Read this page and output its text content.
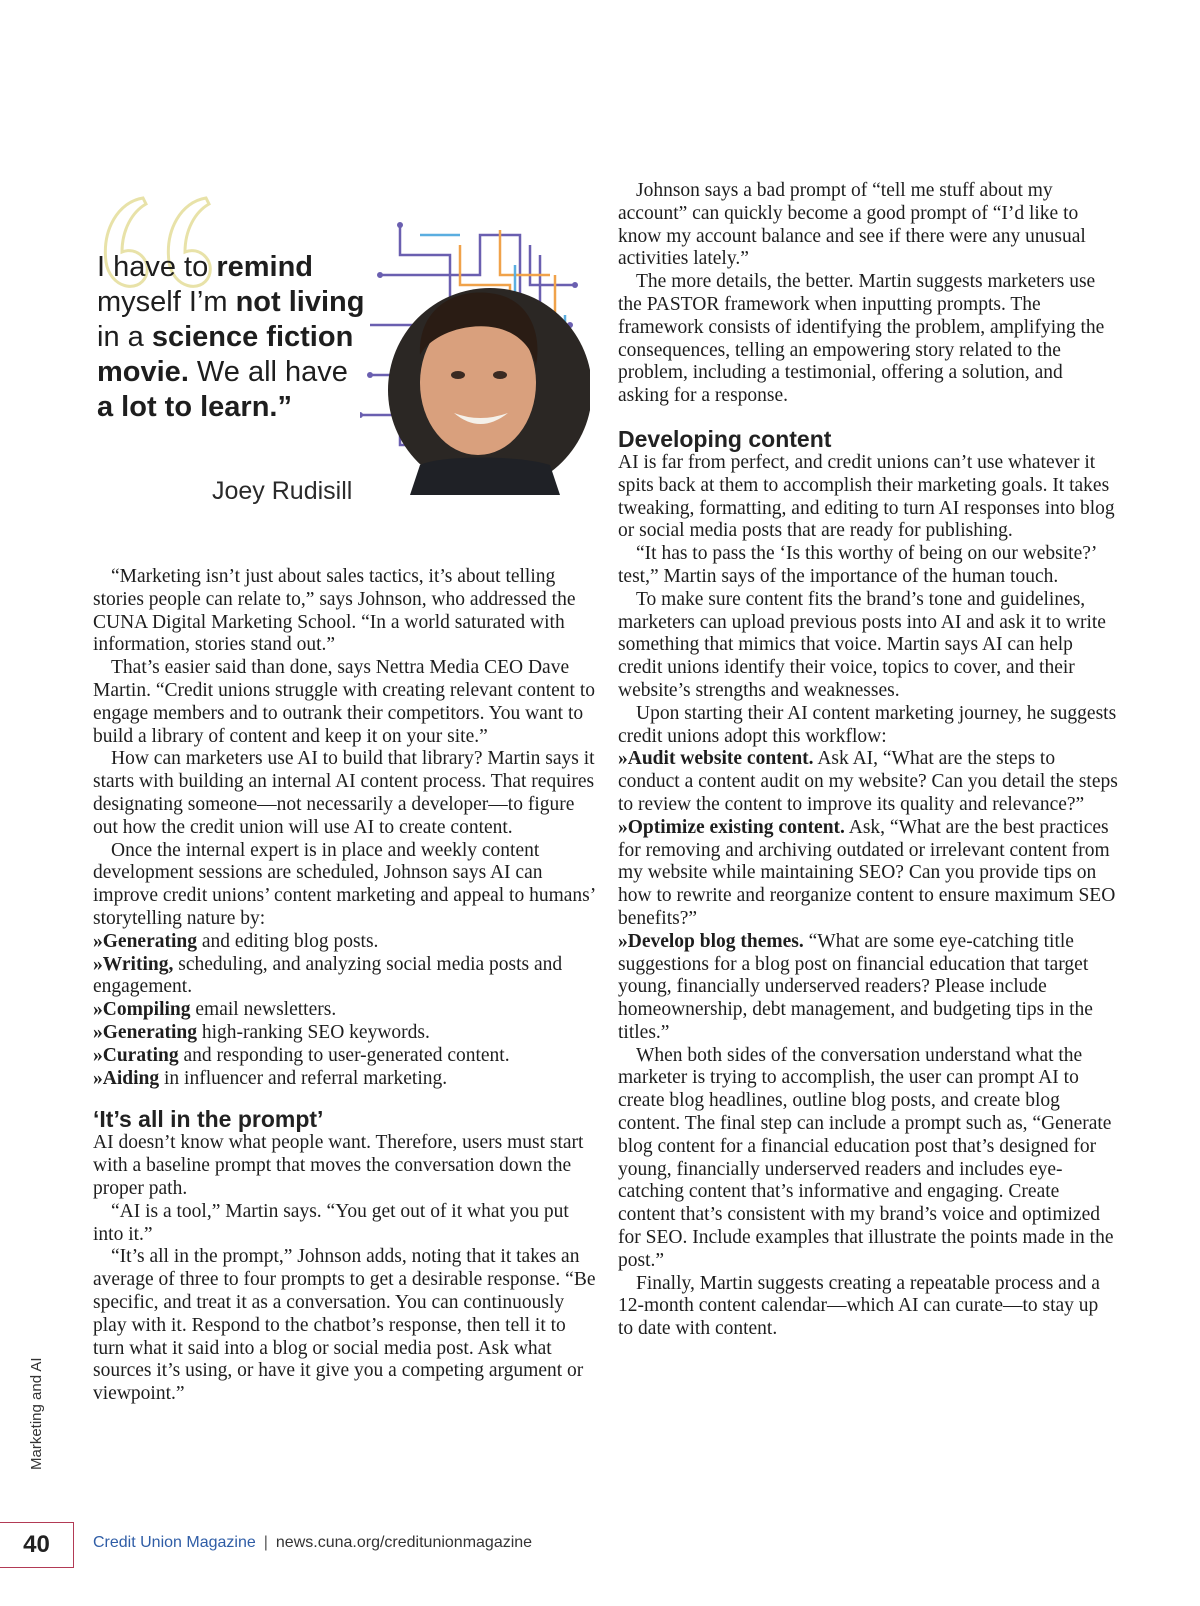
I have to remind
myself I’m not living
in a science fiction
movie. We all have
a lot to learn.”
Joey Rudisill

“Marketing isn’t just about sales tactics, it’s about telling stories people can relate to,” says Johnson, who addressed the CUNA Digital Marketing School. “In a world saturated with information, stories stand out.”

That’s easier said than done, says Nettra Media CEO Dave Martin. “Credit unions struggle with creating relevant content to engage members and to outrank their competitors. You want to build a library of content and keep it on your site.”

How can marketers use AI to build that library? Martin says it starts with building an internal AI content process. That requires designating someone—not necessarily a developer—to figure out how the credit union will use AI to create content.

Once the internal expert is in place and weekly content development sessions are scheduled, Johnson says AI can improve credit unions’ content marketing and appeal to humans’ storytelling nature by:

»Generating and editing blog posts.

»Writing, scheduling, and analyzing social media posts and engagement.

»Compiling email newsletters.

»Generating high-ranking SEO keywords.

»Curating and responding to user-generated content.

»Aiding in influencer and referral marketing.

‘It’s all in the prompt’

AI doesn’t know what people want. Therefore, users must start with a baseline prompt that moves the conversation down the proper path.

“AI is a tool,” Martin says. “You get out of it what you put into it.”

“It’s all in the prompt,” Johnson adds, noting that it takes an average of three to four prompts to get a desirable response. “Be specific, and treat it as a conversation. You can continuously play with it. Respond to the chatbot’s response, then tell it to turn what it said into a blog or social media post. Ask what sources it’s using, or have it give you a competing argument or viewpoint.”

Johnson says a bad prompt of “tell me stuff about my account” can quickly become a good prompt of “I’d like to know my account balance and see if there were any unusual activities lately.”

The more details, the better. Martin suggests marketers use the PASTOR framework when inputting prompts. The framework consists of identifying the problem, amplifying the consequences, telling an empowering story related to the problem, including a testimonial, offering a solution, and asking for a response.

Developing content

AI is far from perfect, and credit unions can’t use whatever it spits back at them to accomplish their marketing goals. It takes tweaking, formatting, and editing to turn AI responses into blog or social media posts that are ready for publishing.

“It has to pass the ‘Is this worthy of being on our website?’ test,” Martin says of the importance of the human touch.

To make sure content fits the brand’s tone and guidelines, marketers can upload previous posts into AI and ask it to write something that mimics that voice. Martin says AI can help credit unions identify their voice, topics to cover, and their website’s strengths and weaknesses.

Upon starting their AI content marketing journey, he suggests credit unions adopt this workflow:

»Audit website content. Ask AI, “What are the steps to conduct a content audit on my website? Can you detail the steps to review the content to improve its quality and relevance?”

»Optimize existing content. Ask, “What are the best practices for removing and archiving outdated or irrelevant content from my website while maintaining SEO? Can you provide tips on how to rewrite and reorganize content to ensure maximum SEO benefits?”

»Develop blog themes. “What are some eye-catching title suggestions for a blog post on financial education that target young, financially underserved readers? Please include homeownership, debt management, and budgeting tips in the titles.”

When both sides of the conversation understand what the marketer is trying to accomplish, the user can prompt AI to create blog headlines, outline blog posts, and create blog content. The final step can include a prompt such as, “Generate blog content for a financial education post that’s designed for young, financially underserved readers and includes eye-catching content that’s informative and engaging. Create content that’s consistent with my brand’s voice and optimized for SEO. Include examples that illustrate the points made in the post.”

Finally, Martin suggests creating a repeatable process and a 12-month content calendar—which AI can curate—to stay up to date with content.

Marketing and AI
40	Credit Union Magazine | news.cuna.org/creditunionmagazine
